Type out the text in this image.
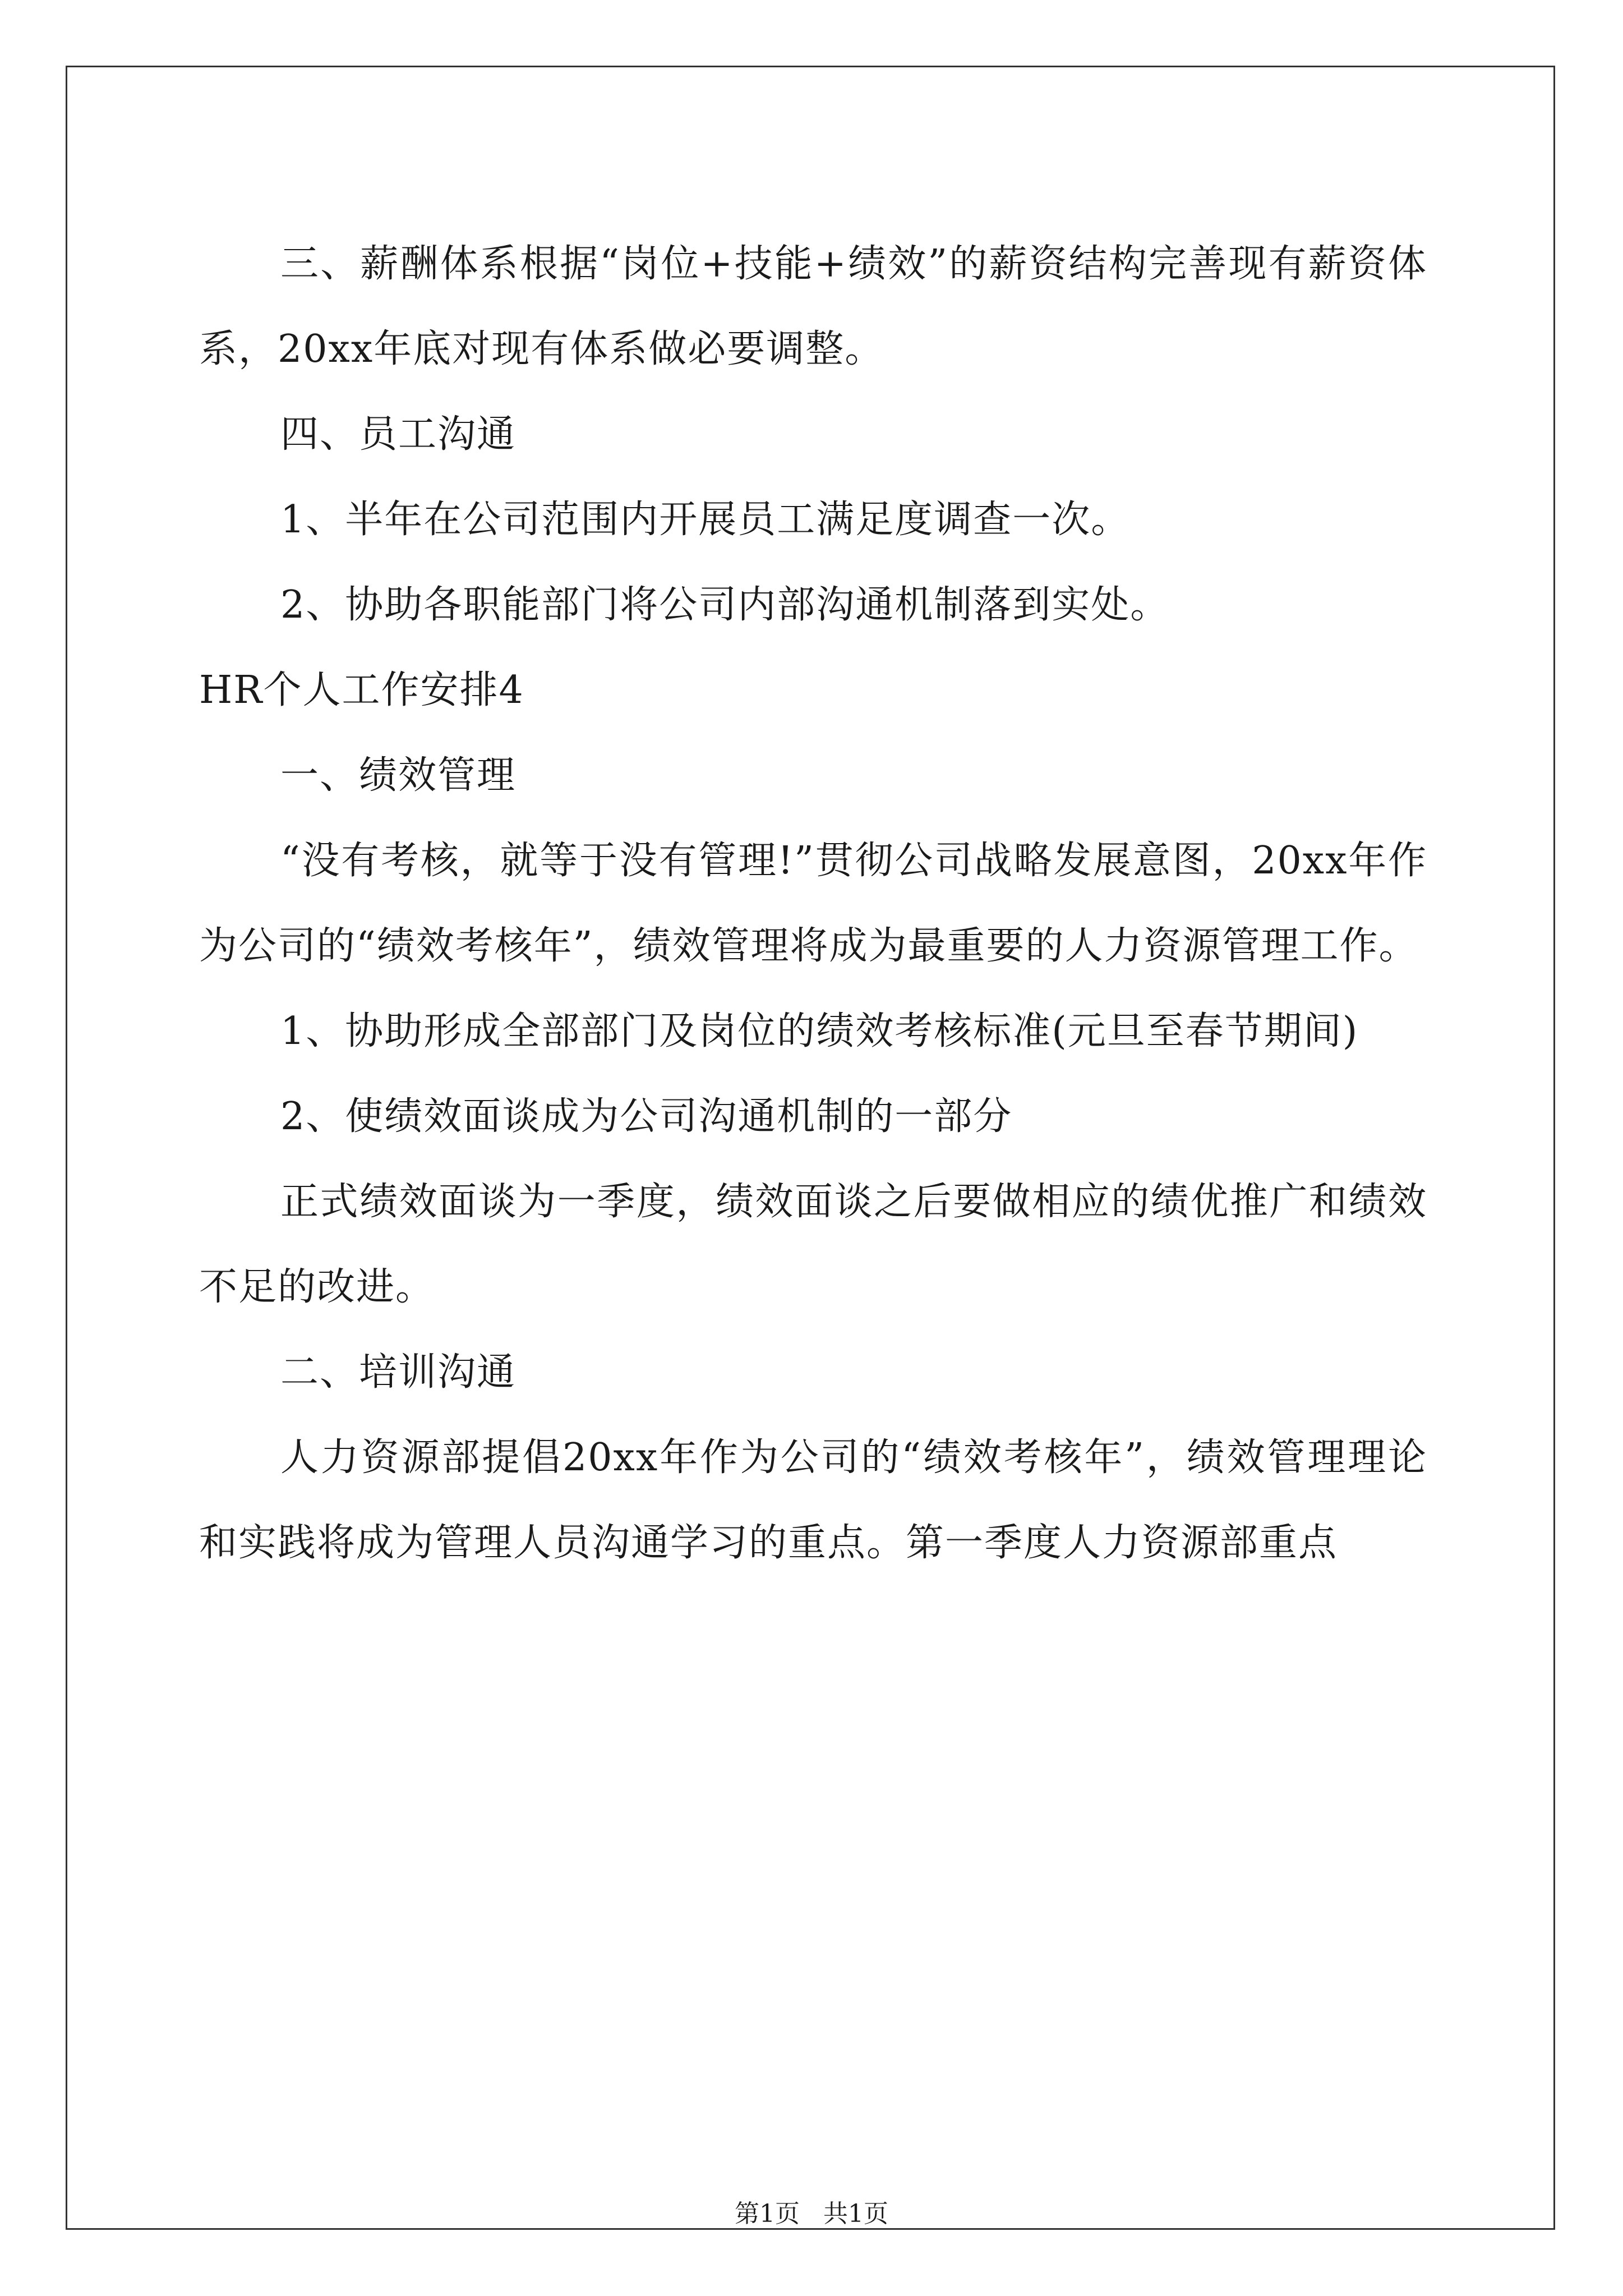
三、薪酬体系根据“岗位+技能+绩效”的薪资结构完善现有薪资体系，20xx年底对现有体系做必要调整。

四、员工沟通

1、半年在公司范围内开展员工满足度调查一次。

2、协助各职能部门将公司内部沟通机制落到实处。

HR个人工作安排4

一、绩效管理

“没有考核，就等于没有管理!”贯彻公司战略发展意图，20xx年作为公司的“绩效考核年”，绩效管理将成为最重要的人力资源管理工作。

1、协助形成全部部门及岗位的绩效考核标准(元旦至春节期间)

2、使绩效面谈成为公司沟通机制的一部分

正式绩效面谈为一季度，绩效面谈之后要做相应的绩优推广和绩效不足的改进。

二、培训沟通

人力资源部提倡20xx年作为公司的“绩效考核年”，绩效管理理论和实践将成为管理人员沟通学习的重点。第一季度人力资源部重点

第1页   共1页
